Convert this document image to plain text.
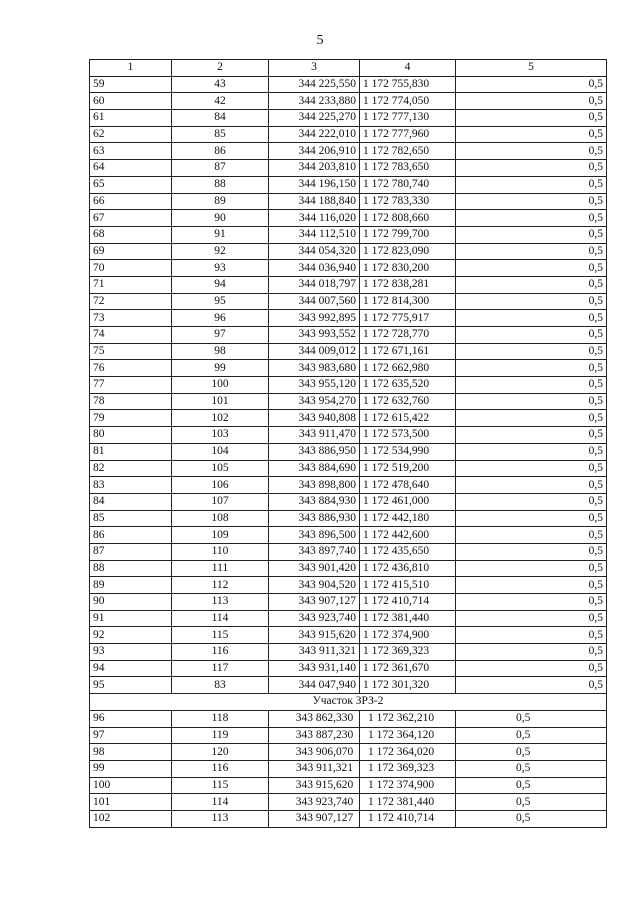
5
1	2	3	4	5
59	43	344 225,550	1 172 755,830	0,5
60	42	344 233,880	1 172 774,050	0,5
61	84	344 225,270	1 172 777,130	0,5
62	85	344 222,010	1 172 777,960	0,5
63	86	344 206,910	1 172 782,650	0,5
64	87	344 203,810	1 172 783,650	0,5
65	88	344 196,150	1 172 780,740	0,5
66	89	344 188,840	1 172 783,330	0,5
67	90	344 116,020	1 172 808,660	0,5
68	91	344 112,510	1 172 799,700	0,5
69	92	344 054,320	1 172 823,090	0,5
70	93	344 036,940	1 172 830,200	0,5
71	94	344 018,797	1 172 838,281	0,5
72	95	344 007,560	1 172 814,300	0,5
73	96	343 992,895	1 172 775,917	0,5
74	97	343 993,552	1 172 728,770	0,5
75	98	344 009,012	1 172 671,161	0,5
76	99	343 983,680	1 172 662,980	0,5
77	100	343 955,120	1 172 635,520	0,5
78	101	343 954,270	1 172 632,760	0,5
79	102	343 940,808	1 172 615,422	0,5
80	103	343 911,470	1 172 573,500	0,5
81	104	343 886,950	1 172 534,990	0,5
82	105	343 884,690	1 172 519,200	0,5
83	106	343 898,800	1 172 478,640	0,5
84	107	343 884,930	1 172 461,000	0,5
85	108	343 886,930	1 172 442,180	0,5
86	109	343 896,500	1 172 442,600	0,5
87	110	343 897,740	1 172 435,650	0,5
88	111	343 901,420	1 172 436,810	0,5
89	112	343 904,520	1 172 415,510	0,5
90	113	343 907,127	1 172 410,714	0,5
91	114	343 923,740	1 172 381,440	0,5
92	115	343 915,620	1 172 374,900	0,5
93	116	343 911,321	1 172 369,323	0,5
94	117	343 931,140	1 172 361,670	0,5
95	83	344 047,940	1 172 301,320	0,5
Участок ЗРЗ-2				
96	118	343 862,330	1 172 362,210	0,5
97	119	343 887,230	1 172 364,120	0,5
98	120	343 906,070	1 172 364,020	0,5
99	116	343 911,321	1 172 369,323	0,5
100	115	343 915,620	1 172 374,900	0,5
101	114	343 923,740	1 172 381,440	0,5
102	113	343 907,127	1 172 410,714	0,5
